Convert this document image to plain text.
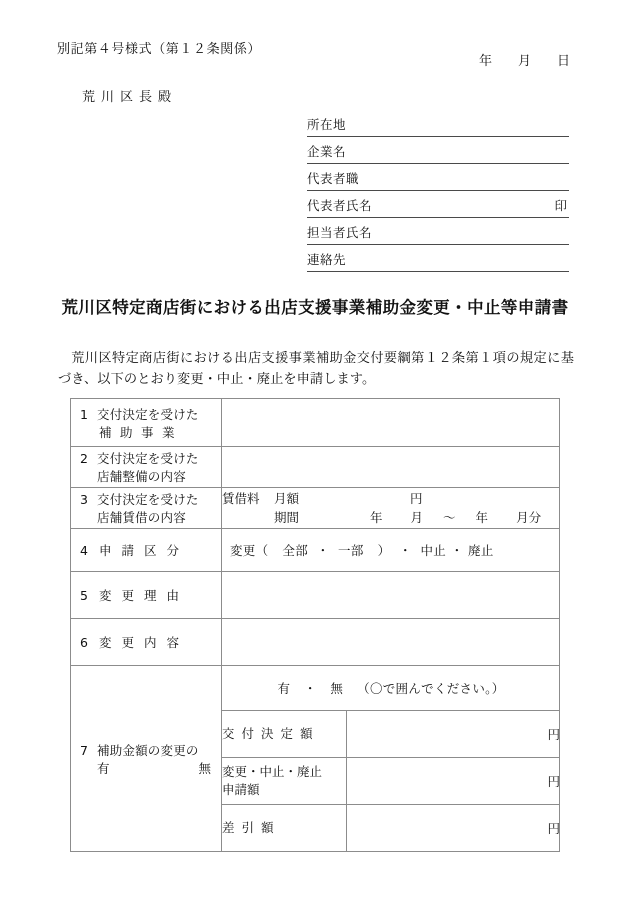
別記第４号様式（第１２条関係）
年 月 日
荒川区長殿
所在地
企業名
代表者職
代表者氏名	印
担当者氏名
連絡先
荒川区特定商店街における出店支援事業補助金変更・中止等申請書
荒川区特定商店街における出店支援事業補助金交付要綱第１２条第１項の規定に基づき、以下のとおり変更・中止・廃止を申請します。
1 交付決定を受けた
補助事業

2 交付決定を受けた
店舗整備の内容

3 交付決定を受けた
店舗賃借の内容

賃借料 月額	円
期間	年 月 ～ 年 月分

4 申請区分	変更（ 全部 ・ 一部 ） ・ 中止 ・ 廃止

5 変更理由

6 変更内容

7 補助金額の変更の
有	無

有 ・ 無 （〇で囲んでください。）
交付決定額	円

変更・中止・廃止
申請額
	円
差引額	円
